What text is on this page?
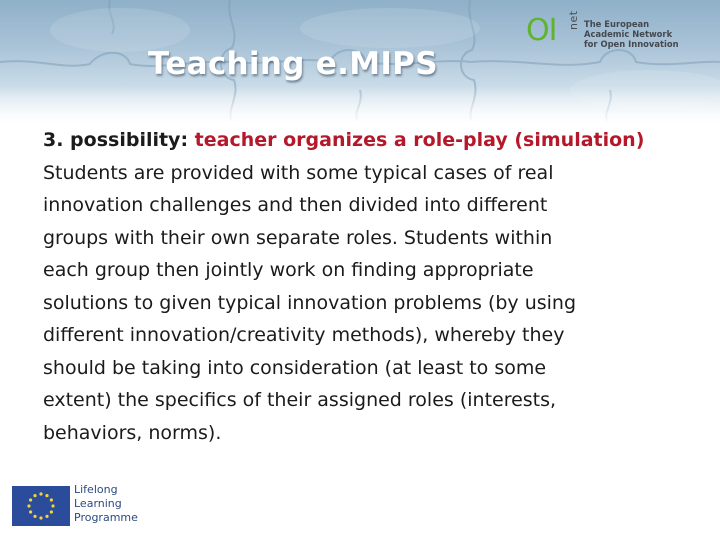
Teaching e.MIPS
OI net The European
Academic Network
for Open Innovation
3. possibility: teacher organizes a role-play (simulation)
Students are provided with some typical cases of real
innovation challenges and then divided into different
groups with their own separate roles. Students within
each group then jointly work on finding appropriate
solutions to given typical innovation problems (by using
different innovation/creativity methods), whereby they
should be taking into consideration (at least to some
extent) the specifics of their assigned roles (interests,
behaviors, norms).
Lifelong
Learning
Programme
